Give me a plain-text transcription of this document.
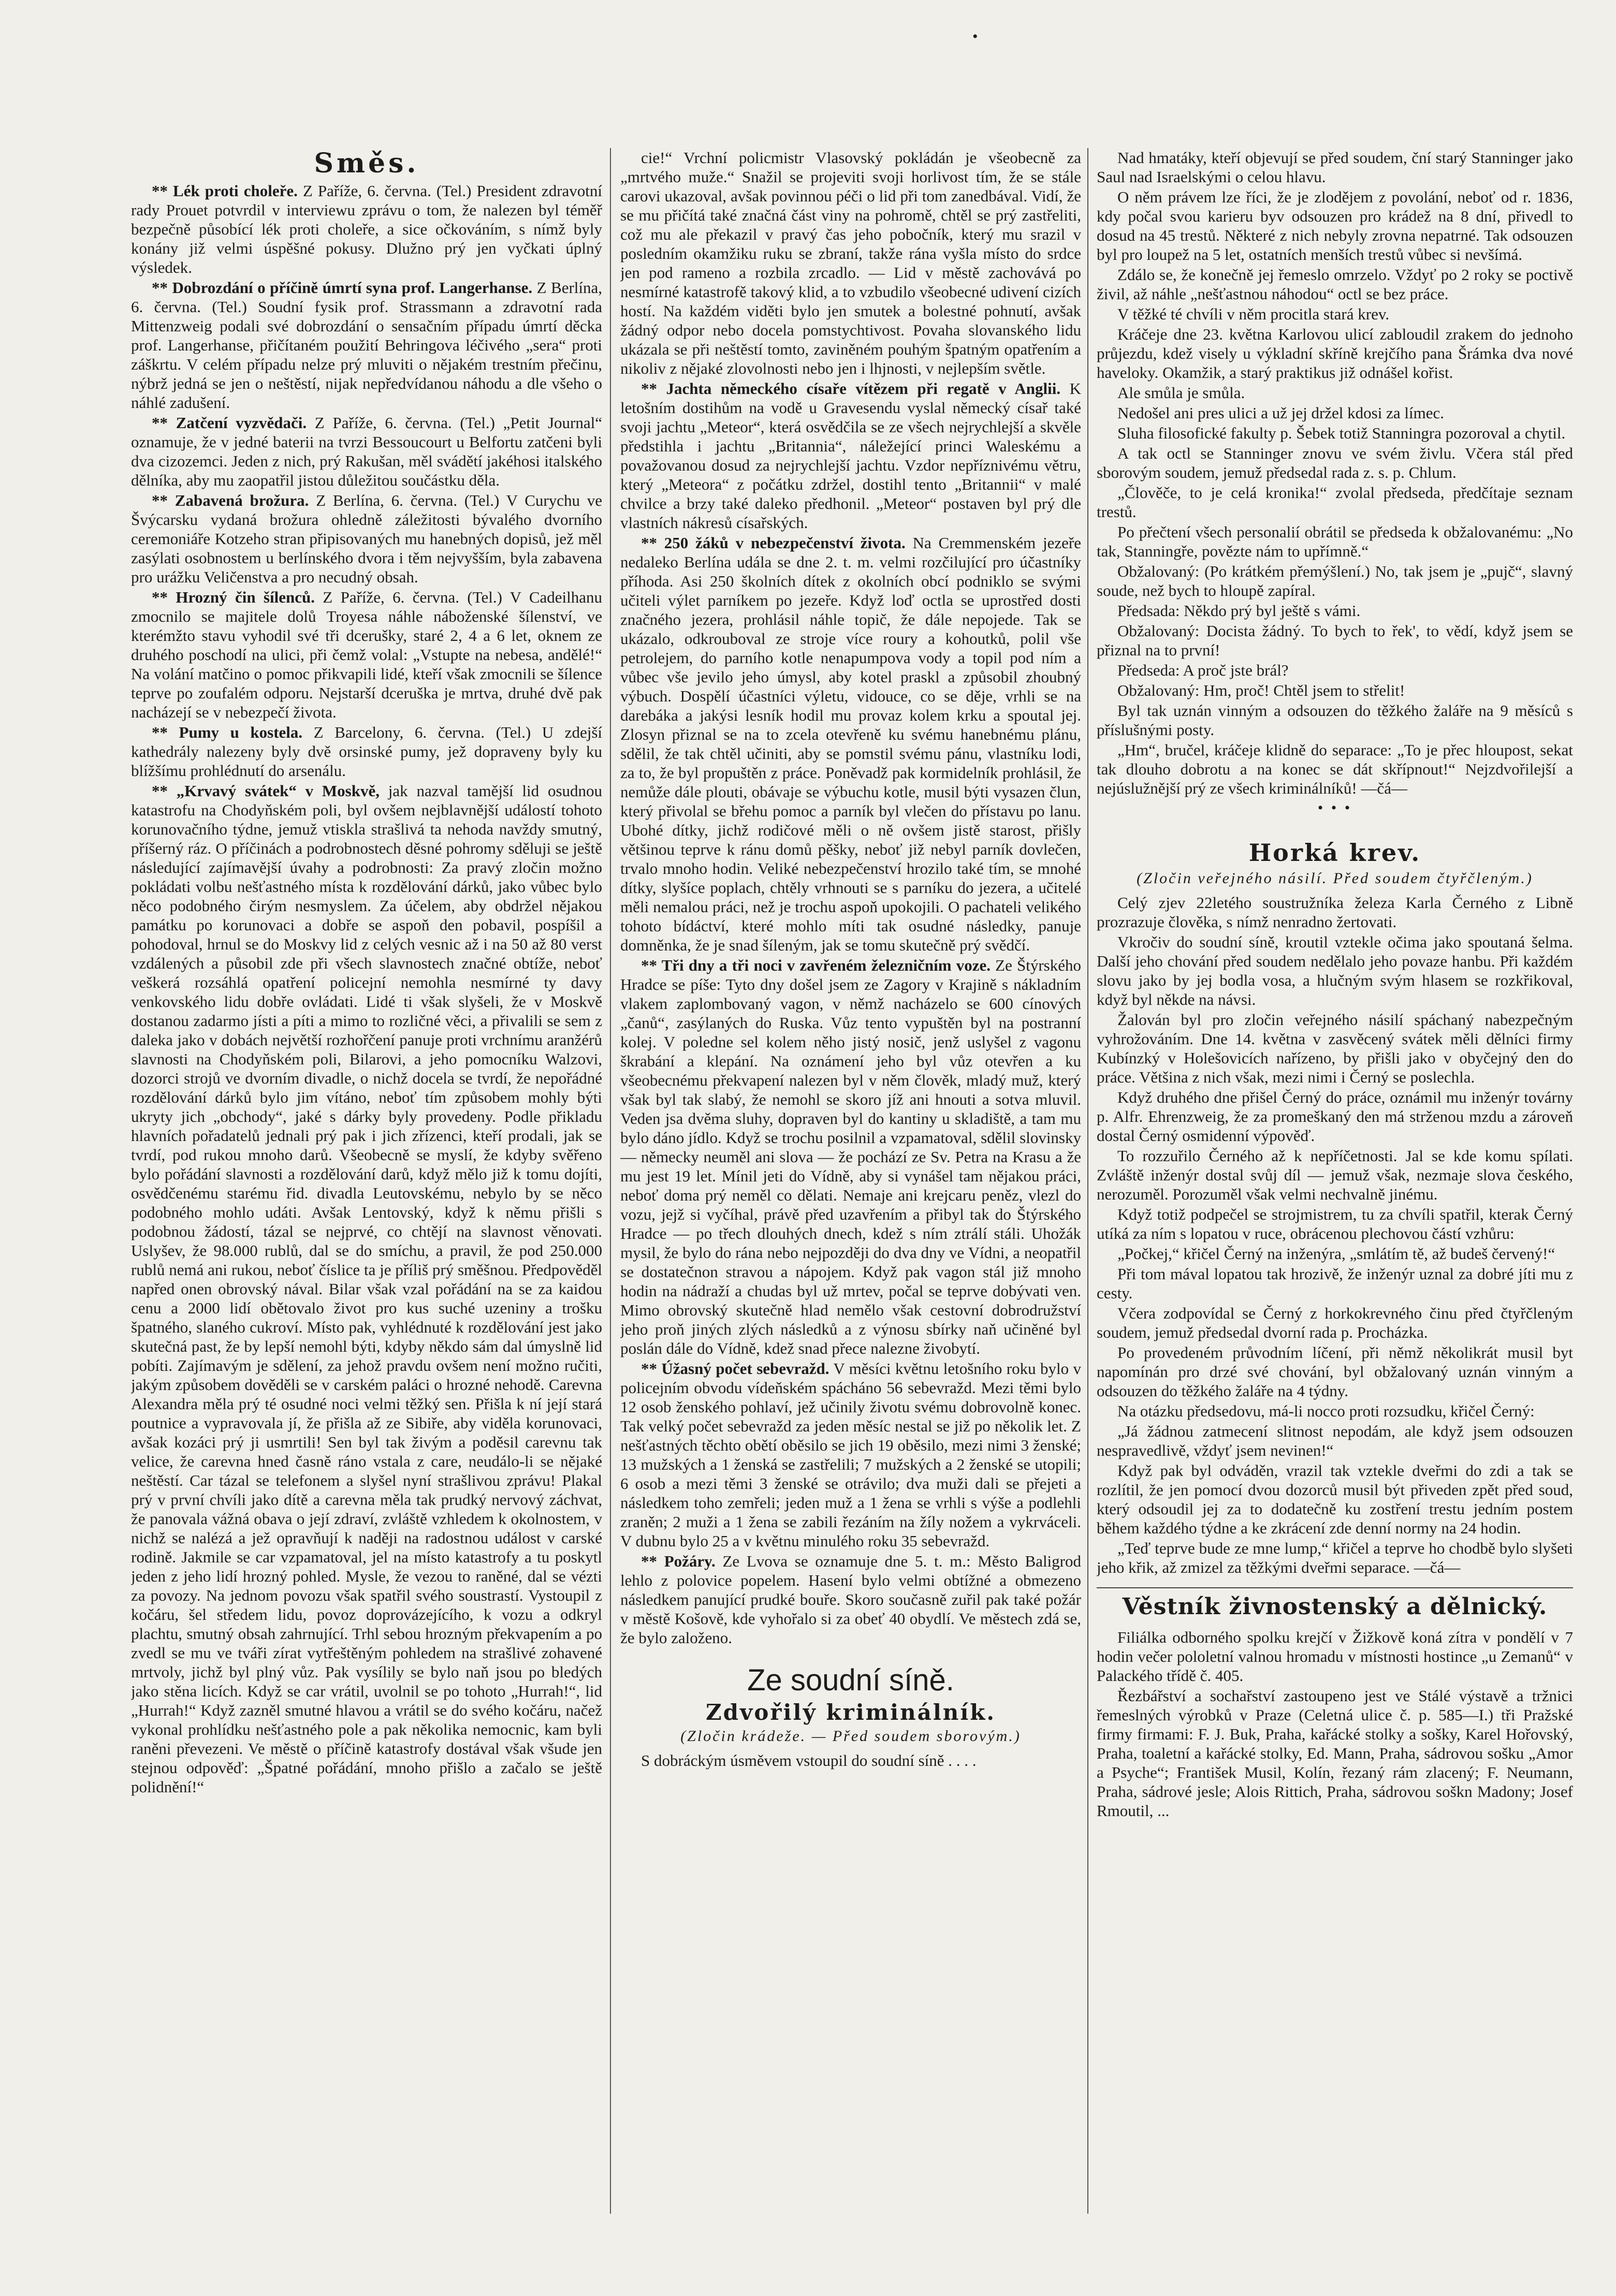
•
Směs.

** Lék proti choleře. Z Paříže, 6. června. (Tel.) President zdravotní rady Prouet potvrdil v interviewu zprávu o tom, že nalezen byl téměř bezpečně působící lék proti choleře, a sice očkováním, s nímž byly konány již velmi úspěšné pokusy. Dlužno prý jen vyčkati úplný výsledek.

** Dobrozdání o příčině úmrtí syna prof. Langerhanse. Z Berlína, 6. června. (Tel.) Soudní fysik prof. Strassmann a zdravotní rada Mittenzweig podali své dobrozdání o sensačním případu úmrtí děcka prof. Langerhanse, přičítaném použití Behringova léčivého „sera“ proti záškrtu. V celém případu nelze prý mluviti o nějakém trestním přečinu, nýbrž jedná se jen o neštěstí, nijak nepředvídanou náhodu a dle všeho o náhlé zadušení.

** Zatčení vyzvědači. Z Paříže, 6. června. (Tel.) „Petit Journal“ oznamuje, že v jedné baterii na tvrzi Bessoucourt u Belfortu zatčeni byli dva cizozemci. Jeden z nich, prý Rakušan, měl svádětí jakéhosi italského dělníka, aby mu zaopatřil jistou důležitou součástku děla.

** Zabavená brožura. Z Berlína, 6. června. (Tel.) V Curychu ve Švýcarsku vydaná brožura ohledně záležitosti bývalého dvorního ceremoniáře Kotzeho stran připisovaných mu hanebných dopisů, jež měl zasýlati osobnostem u berlínského dvora i těm nejvyšším, byla zabavena pro urážku Veličenstva a pro necudný obsah.

** Hrozný čin šílenců. Z Paříže, 6. června. (Tel.) V Cadeilhanu zmocnilo se majitele dolů Troyesa náhle náboženské šílenství, ve kterémžto stavu vyhodil své tři dcerušky, staré 2, 4 a 6 let, oknem ze druhého poschodí na ulici, při čemž volal: „Vstupte na nebesa, andělé!“ Na volání matčino o pomoc přikvapili lidé, kteří však zmocnili se šílence teprve po zoufalém odporu. Nejstarší dceruška je mrtva, druhé dvě pak nacházejí se v nebezpečí života.

** Pumy u kostela. Z Barcelony, 6. června. (Tel.) U zdejší kathedrály nalezeny byly dvě orsinské pumy, jež dopraveny byly ku blížšímu prohlédnutí do arsenálu.

** „Krvavý svátek“ v Moskvě, jak nazval tamější lid osudnou katastrofu na Chodyňském poli, byl ovšem nejblavnější událostí tohoto korunovačního týdne, jemuž vtiskla strašlivá ta nehoda navždy smutný, příšerný ráz. O příčinách a podrobnostech děsné pohromy sděluji se ještě následující zajímavější úvahy a podrobnosti: Za pravý zločin možno pokládati volbu nešťastného místa k rozdělování dárků, jako vůbec bylo něco podobného čirým nesmyslem. Za účelem, aby obdržel nějakou památku po korunovaci a dobře se aspoň den pobavil, pospíšil a pohodoval, hrnul se do Moskvy lid z celých vesnic až i na 50 až 80 verst vzdálených a působil zde při všech slavnostech značné obtíže, neboť veškerá rozsáhlá opatření policejní nemohla nesmírné ty davy venkovského lidu dobře ovládati. Lidé ti však slyšeli, že v Moskvě dostanou zadarmo jísti a píti a mimo to rozličné věci, a přivalili se sem z daleka jako v dobách největší rozhořčení panuje proti vrchnímu aranžérů slavnosti na Chodyňském poli, Bilarovi, a jeho pomocníku Walzovi, dozorci strojů ve dvorním divadle, o nichž docela se tvrdí, že nepořádné rozdělování dárků bylo jim vítáno, neboť tím způsobem mohly býti ukryty jich „obchody“, jaké s dárky byly provedeny. Podle přikladu hlavních pořadatelů jednali prý pak i jich zřízenci, kteří prodali, jak se tvrdí, pod rukou mnoho darů. Všeobecně se myslí, že kdyby svěřeno bylo pořádání slavnosti a rozdělování darů, když mělo již k tomu dojíti, osvědčenému starému řid. divadla Leutovskému, nebylo by se něco podobného mohlo udáti. Avšak Lentovský, když k němu přišli s podobnou žádostí, tázal se nejprvé, co chtějí na slavnost věnovati. Uslyšev, že 98.000 rublů, dal se do smíchu, a pravil, že pod 250.000 rublů nemá ani rukou, neboť číslice ta je příliš prý směšnou. Předpověděl napřed onen obrovský nával. Bilar však vzal pořádání na se za kaidou cenu a 2000 lidí obětovalo život pro kus suché uzeniny a trošku špatného, slaného cukroví. Místo pak, vyhlédnuté k rozdělování jest jako skutečná past, že by lepší nemohl býti, kdyby někdo sám dal úmyslně lid pobíti. Zajímavým je sdělení, za jehož pravdu ovšem není možno ručiti, jakým způsobem dověděli se v carském paláci o hrozné nehodě. Carevna Alexandra měla prý té osudné noci velmi těžký sen. Přišla k ní její stará poutnice a vypravovala jí, že přišla až ze Sibiře, aby viděla korunovaci, avšak kozáci prý ji usmrtili! Sen byl tak živým a poděsil carevnu tak velice, že carevna hned časně ráno vstala z care, neudálo-li se nějaké neštěstí. Car tázal se telefonem a slyšel nyní strašlivou zprávu! Plakal prý v první chvíli jako dítě a carevna měla tak prudký nervový záchvat, že panovala vážná obava o její zdraví, zvláště vzhledem k okolnostem, v nichž se nalézá a jež opravňují k naději na radostnou událost v carské rodině. Jakmile se car vzpamatoval, jel na místo katastrofy a tu poskytl jeden z jeho lidí hrozný pohled. Mysle, že vezou to raněné, dal se vézti za povozy. Na jednom povozu však spatřil svého soustrastí. Vystoupil z kočáru, šel středem lidu, povoz doprovázejícího, k vozu a odkryl plachtu, smutný obsah zahrnující. Trhl sebou hrozným překvapením a po zvedl se mu ve tváři zírat vytřeštěným pohledem na strašlivé zohavené mrtvoly, jichž byl plný vůz. Pak vysílily se bylo naň jsou po bledých jako stěna licích. Když se car vrátil, uvolnil se po tohoto „Hurrah!“, lid „Hurrah!“ Když zazněl smutné hlavou a vrátil se do svého kočáru, načež vykonal prohlídku nešťastného pole a pak několika nemocnic, kam byli raněni převezeni. Ve městě o příčině katastrofy dostával však všude jen stejnou odpověď: „Špatné pořádání, mnoho přišlo a začalo se ještě polidnění!“

cie!“ Vrchní policmistr Vlasovský pokládán je všeobecně za „mrtvého muže.“ Snažil se projeviti svoji horlivost tím, že se stále carovi ukazoval, avšak povinnou péči o lid při tom zanedbával. Vidí, že se mu přičítá také značná část viny na pohromě, chtěl se prý zastřeliti, což mu ale překazil v pravý čas jeho pobočník, který mu srazil v posledním okamžiku ruku se zbraní, takže rána vyšla místo do srdce jen pod rameno a rozbila zrcadlo. — Lid v městě zachovává po nesmírné katastrofě takový klid, a to vzbudilo všeobecné udivení cizích hostí. Na každém viděti bylo jen smutek a bolestné pohnutí, avšak žádný odpor nebo docela pomstychtivost. Povaha slovanského lidu ukázala se při neštěstí tomto, zaviněném pouhým špatným opatřením a nikoliv z nějaké zlovolnosti nebo jen i lhjnosti, v nejlepším světle.

** Jachta německého císaře vítězem při regatě v Anglii. K letošním dostihům na vodě u Gravesendu vyslal německý císař také svoji jachtu „Meteor“, která osvědčila se ze všech nejrychlejší a skvěle předstihla i jachtu „Britannia“, náležející princi Waleskému a považovanou dosud za nejrychlejší jachtu. Vzdor nepříznivému větru, který „Meteora“ z počátku zdržel, dostihl tento „Britannii“ v malé chvilce a brzy také daleko předhonil. „Meteor“ postaven byl prý dle vlastních nákresů císařských.

** 250 žáků v nebezpečenství života. Na Cremmenském jezeře nedaleko Berlína udála se dne 2. t. m. velmi rozčilující pro účastníky příhoda. Asi 250 školních dítek z okolních obcí podniklo se svými učiteli výlet parníkem po jezeře. Když loď octla se uprostřed dosti značného jezera, prohlásil náhle topič, že dále nepojede. Tak se ukázalo, odkrouboval ze stroje více roury a kohoutků, polil vše petrolejem, do parního kotle nenapumpova vody a topil pod ním a vůbec vše jevilo jeho úmysl, aby kotel praskl a způsobil zhoubný výbuch. Dospělí účastníci výletu, vidouce, co se děje, vrhli se na darebáka a jakýsi lesník hodil mu provaz kolem krku a spoutal jej. Zlosyn přiznal se na to zcela otevřeně ku svému hanebnému plánu, sdělil, že tak chtěl učiniti, aby se pomstil svému pánu, vlastníku lodi, za to, že byl propuštěn z práce. Poněvadž pak kormidelník prohlásil, že nemůže dále plouti, obávaje se výbuchu kotle, musil býti vysazen člun, který přivolal se břehu pomoc a parník byl vlečen do přístavu po lanu. Ubohé dítky, jichž rodičové měli o ně ovšem jistě starost, přišly většinou teprve k ránu domů pěšky, neboť již nebyl parník dovlečen, trvalo mnoho hodin. Veliké nebezpečenství hrozilo také tím, se mnohé dítky, slyšíce poplach, chtěly vrhnouti se s parníku do jezera, a učitelé měli nemalou práci, než je trochu aspoň upokojili. O pachateli velikého tohoto bídáctví, které mohlo míti tak osudné následky, panuje domněnka, že je snad šíleným, jak se tomu skutečně prý svědčí.

** Tři dny a tři noci v zavřeném železničním voze. Ze Štýrského Hradce se píše: Tyto dny došel jsem ze Zagory v Krajině s nákladním vlakem zaplombovaný vagon, v němž nacházelo se 600 cínových „čanů“, zasýlaných do Ruska. Vůz tento vypuštěn byl na postranní kolej. V poledne sel kolem něho jistý nosič, jenž uslyšel z vagonu škrabání a klepání. Na oznámení jeho byl vůz otevřen a ku všeobecnému překvapení nalezen byl v něm člověk, mladý muž, který však byl tak slabý, že nemohl se skoro jíž ani hnouti a sotva mluvil. Veden jsa dvěma sluhy, dopraven byl do kantiny u skladiště, a tam mu bylo dáno jídlo. Když se trochu posilnil a vzpamatoval, sdělil slovinsky — německy neuměl ani slova — že pochází ze Sv. Petra na Krasu a že mu jest 19 let. Mínil jeti do Vídně, aby si vynášel tam nějakou práci, neboť doma prý neměl co dělati. Nemaje ani krejcaru peněz, vlezl do vozu, jejž si vyčíhal, právě před uzavřením a přibyl tak do Štýrského Hradce — po třech dlouhých dnech, kdež s ním ztrálí stáli. Uhožák mysil, že bylo do rána nebo nejpozději do dva dny ve Vídni, a neopatřil se dostatečnon stravou a nápojem. Když pak vagon stál již mnoho hodin na nádraží a chudas byl už mrtev, počal se teprve dobývati ven. Mimo obrovský skutečně hlad nemělo však cestovní dobrodružství jeho proň jiných zlých následků a z výnosu sbírky naň učiněné byl poslán dále do Vídně, kdež snad přece nalezne živobytí.

** Úžasný počet sebevražd. V měsíci květnu letošního roku bylo v policejním obvodu vídeňském spácháno 56 sebevražd. Mezi těmi bylo 12 osob ženského pohlaví, jež učinily životu svému dobrovolně konec. Tak velký počet sebevražd za jeden měsíc nestal se již po několik let. Z nešťastných těchto obětí oběsilo se jich 19 oběsilo, mezi nimi 3 ženské; 13 mužských a 1 ženská se zastřelili; 7 mužských a 2 ženské se utopili; 6 osob a mezi těmi 3 ženské se otrávilo; dva muži dali se přejeti a následkem toho zemřeli; jeden muž a 1 žena se vrhli s výše a podlehli zraněn; 2 muži a 1 žena se zabili řezáním na žíly nožem a vykrváceli. V dubnu bylo 25 a v květnu minulého roku 35 sebevražd.

** Požáry. Ze Lvova se oznamuje dne 5. t. m.: Město Baligrod lehlo z polovice popelem. Hasení bylo velmi obtížné a obmezeno následkem panující prudké bouře. Skoro současně zuřil pak také požár v městě Košově, kde vyhořalo si za obeť 40 obydlí. Ve městech zdá se, že bylo založeno.

Ze soudní síně.
Zdvořilý kriminálník.
(Zločin krádeže. — Před soudem sborovým.)

S dobráckým úsměvem vstoupil do soudní síně . . . .

Nad hmatáky, kteří objevují se před soudem, ční starý Stanninger jako Saul nad Israelskými o celou hlavu.

O něm právem lze říci, že je zlodějem z povolání, neboť od r. 1836, kdy počal svou karieru byv odsouzen pro krádež na 8 dní, přivedl to dosud na 45 trestů. Některé z nich nebyly zrovna nepatrné. Tak odsouzen byl pro loupež na 5 let, ostatních menších trestů vůbec si nevšímá.

Zdálo se, že konečně jej řemeslo omrzelo. Vždyť po 2 roky se poctivě živil, až náhle „nešťastnou náhodou“ octl se bez práce.

V těžké té chvíli v něm procitla stará krev.

Kráčeje dne 23. května Karlovou ulicí zabloudil zrakem do jednoho průjezdu, kdež visely u výkladní skříně krejčího pana Šrámka dva nové haveloky. Okamžik, a starý praktikus již odnášel kořist.

Ale smůla je smůla.

Nedošel ani pres ulici a už jej držel kdosi za límec.

Sluha filosofické fakulty p. Šebek totiž Stanningra pozoroval a chytil.

A tak octl se Stanninger znovu ve svém živlu. Včera stál před sborovým soudem, jemuž předsedal rada z. s. p. Chlum.

„Člověče, to je celá kronika!“ zvolal předseda, předčítaje seznam trestů.

Po přečtení všech personalií obrátil se předseda k obžalovanému: „No tak, Stanningře, povězte nám to upřímně.“

Obžalovaný: (Po krátkém přemýšlení.) No, tak jsem je „pujč“, slavný soude, než bych to hloupě zapíral.

Předsada: Někdo prý byl ještě s vámi.

Obžalovaný: Docista žádný. To bych to řek', to vědí, když jsem se přiznal na to první!

Předseda: A proč jste brál?

Obžalovaný: Hm, proč! Chtěl jsem to střelit!

Byl tak uznán vinným a odsouzen do těžkého žaláře na 9 měsíců s příslušnými posty.

„Hm“, bručel, kráčeje klidně do separace: „To je přec hloupost, sekat tak dlouho dobrotu a na konec se dát skřípnout!“ Nejzdvořilejší a nejúslužnější prý ze všech kriminálníků! —čá—

• • •
Horká krev.
(Zločin veřejného násilí. Před soudem čtyřčleným.)

Celý zjev 22letého soustružníka železa Karla Černého z Libně prozrazuje člověka, s nímž nenradno žertovati.

Vkročiv do soudní síně, kroutil vztekle očima jako spoutaná šelma. Další jeho chování před soudem nedělalo jeho povaze hanbu. Při každém slovu jako by jej bodla vosa, a hlučným svým hlasem se rozkřikoval, když byl někde na návsi.

Žalován byl pro zločin veřejného násilí spáchaný nabezpečným vyhrožováním. Dne 14. května v zasvěcený svátek měli dělníci firmy Kubínzký v Holešovicích nařízeno, by přišli jako v obyčejný den do práce. Většina z nich však, mezi nimi i Černý se poslechla.

Když druhého dne přišel Černý do práce, oznámil mu inženýr továrny p. Alfr. Ehrenzweig, že za promeškaný den má strženou mzdu a zároveň dostal Černý osmidenní výpověď.

To rozzuřilo Černého až k nepříčetnosti. Jal se kde komu spílati. Zvláště inženýr dostal svůj díl — jemuž však, nezmaje slova českého, nerozuměl. Porozuměl však velmi nechvalně jinému.

Když totiž podpečel se strojmistrem, tu za chvíli spatřil, kterak Černý utíká za ním s lopatou v ruce, obrácenou plechovou částí vzhůru:

„Počkej,“ křičel Černý na inženýra, „smlátím tě, až budeš červený!“

Při tom mával lopatou tak hrozivě, že inženýr uznal za dobré jíti mu z cesty.

Včera zodpovídal se Černý z horkokrevného činu před čtyřčleným soudem, jemuž předsedal dvorní rada p. Procházka.

Po provedeném průvodním líčení, při němž několikrát musil byt napomínán pro drzé své chování, byl obžalovaný uznán vinným a odsouzen do těžkého žaláře na 4 týdny.

Na otázku předsedovu, má-li nocco proti rozsudku, křičel Černý:

„Já žádnou zatmecení slitnost nepodám, ale když jsem odsouzen nespravedlivě, vždyť jsem nevinen!“

Když pak byl odváděn, vrazil tak vztekle dveřmi do zdi a tak se rozlítil, že jen pomocí dvou dozorců musil být přiveden zpět před soud, který odsoudil jej za to dodatečně ku zostření trestu jedním postem během každého týdne a ke zkrácení zde denní normy na 24 hodin.

„Teď teprve bude ze mne lump,“ křičel a teprve ho chodbě bylo slyšeti jeho křik, až zmizel za těžkými dveřmi separace. —čá—

Věstník živnostenský a dělnický.

Filiálka odborného spolku krejčí v Žižkově koná zítra v pondělí v 7 hodin večer pololetní valnou hromadu v místnosti hostince „u Zemanů“ v Palackého třídě č. 405.

Řezbářství a sochařství zastoupeno jest ve Stálé výstavě a tržnici řemeslných výrobků v Praze (Celetná ulice č. p. 585—I.) tři Pražské firmy firmami: F. J. Buk, Praha, kařácké stolky a sošky, Karel Hořovský, Praha, toaletní a kařácké stolky, Ed. Mann, Praha, sádrovou sošku „Amor a Psyche“; František Musil, Kolín, řezaný rám zlacený; F. Neumann, Praha, sádrové jesle; Alois Rittich, Praha, sádrovou soškn Madony; Josef Rmoutil, ...
